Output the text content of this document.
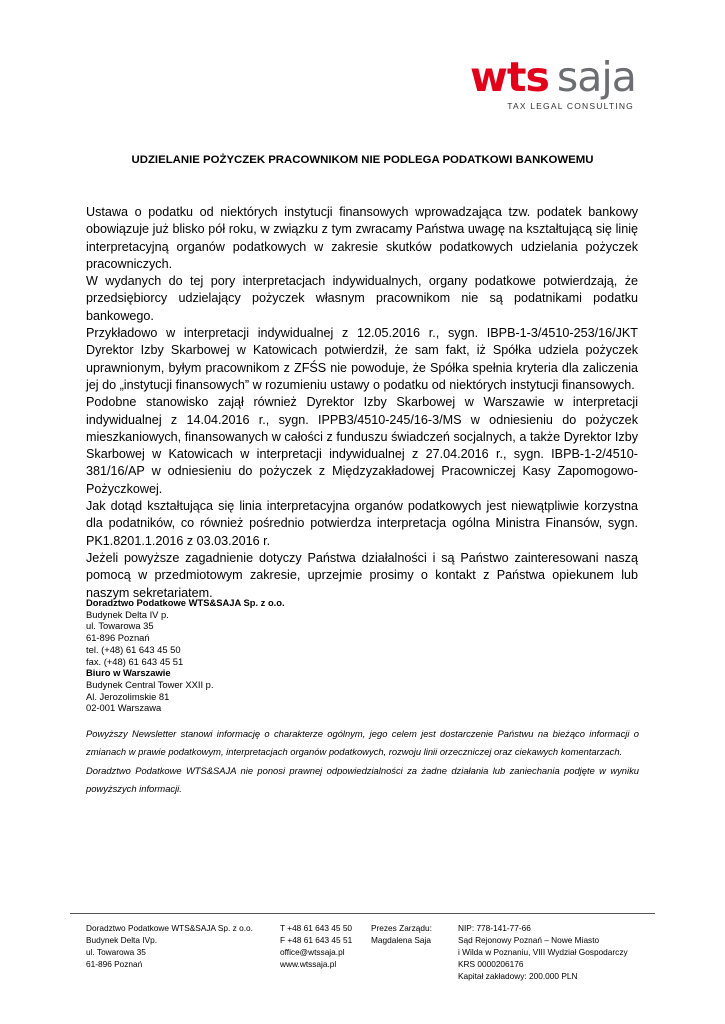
wts saja
TAX LEGAL CONSULTING
UDZIELANIE POŻYCZEK PRACOWNIKOM NIE PODLEGA PODATKOWI BANKOWEMU

Ustawa o podatku od niektórych instytucji finansowych wprowadzająca tzw. podatek bankowy obowiązuje już blisko pół roku, w związku z tym zwracamy Państwa uwagę na kształtującą się linię interpretacyjną organów podatkowych w zakresie skutków podatkowych udzielania pożyczek pracowniczych.

W wydanych do tej pory interpretacjach indywidualnych, organy podatkowe potwierdzają, że przedsiębiorcy udzielający pożyczek własnym pracownikom nie są podatnikami podatku bankowego.

Przykładowo w interpretacji indywidualnej z 12.05.2016 r., sygn. IBPB-1-3/4510-253/16/JKT Dyrektor Izby Skarbowej w Katowicach potwierdził, że sam fakt, iż Spółka udziela pożyczek uprawnionym, byłym pracownikom z ZFŚS nie powoduje, że Spółka spełnia kryteria dla zaliczenia jej do „instytucji finansowych” w rozumieniu ustawy o podatku od niektórych instytucji finansowych.

Podobne stanowisko zajął również Dyrektor Izby Skarbowej w Warszawie w interpretacji indywidualnej z 14.04.2016 r., sygn. IPPB3/4510-245/16-3/MS w odniesieniu do pożyczek mieszkaniowych, finansowanych w całości z funduszu świadczeń socjalnych, a także Dyrektor Izby Skarbowej w Katowicach w interpretacji indywidualnej z 27.04.2016 r., sygn. IBPB-1-2/4510-381/16/AP w odniesieniu do pożyczek z Międzyzakładowej Pracowniczej Kasy Zapomogowo-Pożyczkowej.

Jak dotąd kształtująca się linia interpretacyjna organów podatkowych jest niewątpliwie korzystna dla podatników, co również pośrednio potwierdza interpretacja ogólna Ministra Finansów, sygn. PK1.8201.1.2016 z 03.03.2016 r.

Jeżeli powyższe zagadnienie dotyczy Państwa działalności i są Państwo zainteresowani naszą pomocą w przedmiotowym zakresie, uprzejmie prosimy o kontakt z Państwa opiekunem lub naszym sekretariatem.

Doradztwo Podatkowe WTS&SAJA Sp. z o.o.
Budynek Delta IV p.
ul. Towarowa 35
61-896 Poznań
tel. (+48) 61 643 45 50
fax. (+48) 61 643 45 51
Biuro w Warszawie
Budynek Central Tower XXII p.
Al. Jerozolimskie 81
02-001 Warszawa

Powyższy Newsletter stanowi informację o charakterze ogólnym, jego celem jest dostarczenie Państwu na bieżąco informacji o zmianach w prawie podatkowym, interpretacjach organów podatkowych, rozwoju linii orzeczniczej oraz ciekawych komentarzach.

Doradztwo Podatkowe WTS&SAJA nie ponosi prawnej odpowiedzialności za żadne działania lub zaniechania podjęte w wyniku powyższych informacji.

Doradztwo Podatkowe WTS&SAJA Sp. z o.o.
Budynek Delta IVp.
ul. Towarowa 35
61-896 Poznań
T +48 61 643 45 50
F +48 61 643 45 51
office@wtssaja.pl
www.wtssaja.pl
Prezes Zarządu:
Magdalena Saja
NIP: 778-141-77-66
Sąd Rejonowy Poznań – Nowe Miasto
i Wilda w Poznaniu, VIII Wydział Gospodarczy
KRS 0000206176
Kapitał zakładowy: 200.000 PLN
